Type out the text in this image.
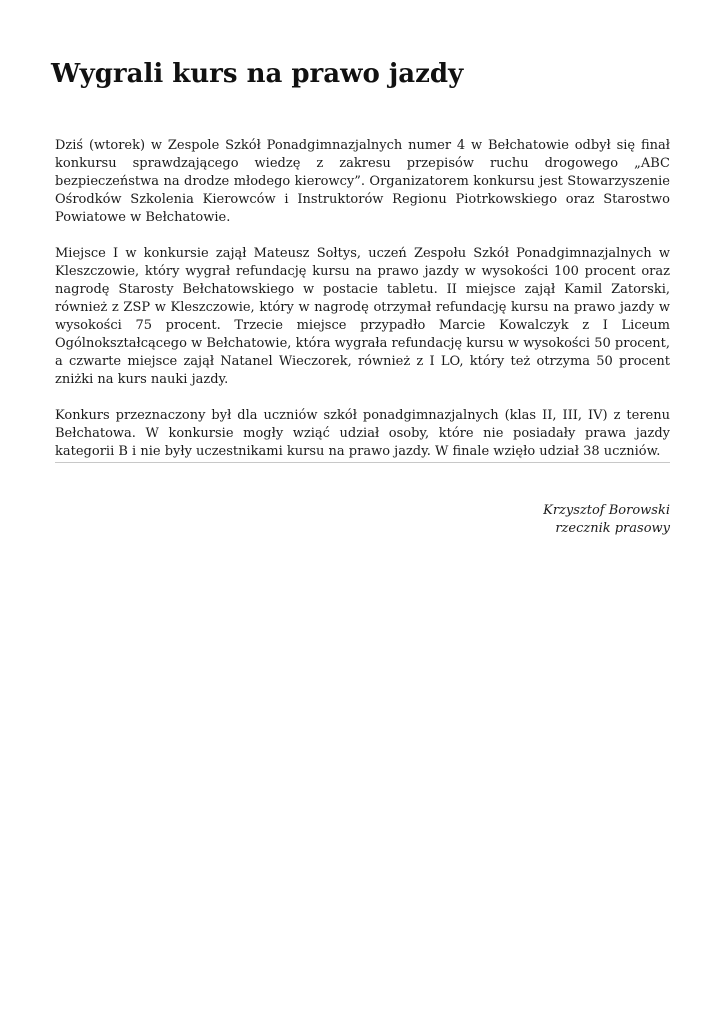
Wygrali kurs na prawo jazdy

Dziś (wtorek) w Zespole Szkół Ponadgimnazjalnych numer 4 w Bełchatowie odbył się finał konkursu sprawdzającego wiedzę z zakresu przepisów ruchu drogowego „ABC bezpieczeństwa na drodze młodego kierowcy”. Organizatorem konkursu jest Stowarzyszenie Ośrodków Szkolenia Kierowców i Instruktorów Regionu Piotrkowskiego oraz Starostwo Powiatowe w Bełchatowie.

Miejsce I w konkursie zajął Mateusz Sołtys, uczeń Zespołu Szkół Ponadgimnazjalnych w Kleszczowie, który wygrał refundację kursu na prawo jazdy w wysokości 100 procent oraz nagrodę Starosty Bełchatowskiego w postacie tabletu. II miejsce zajął Kamil Zatorski, również z ZSP w Kleszczowie, który w nagrodę otrzymał refundację kursu na prawo jazdy w wysokości 75 procent. Trzecie miejsce przypadło Marcie Kowalczyk z I Liceum Ogólnokształcącego w Bełchatowie, która wygrała refundację kursu w wysokości 50 procent, a czwarte miejsce zajął Natanel Wieczorek, również z I LO, który też otrzyma 50 procent zniżki na kurs nauki jazdy.

Konkurs przeznaczony był dla uczniów szkół ponadgimnazjalnych (klas II, III, IV) z terenu Bełchatowa. W konkursie mogły wziąć udział osoby, które nie posiadały prawa jazdy kategorii B i nie były uczestnikami kursu na prawo jazdy. W finale wzięło udział 38 uczniów.

Krzysztof Borowski
rzecznik prasowy
